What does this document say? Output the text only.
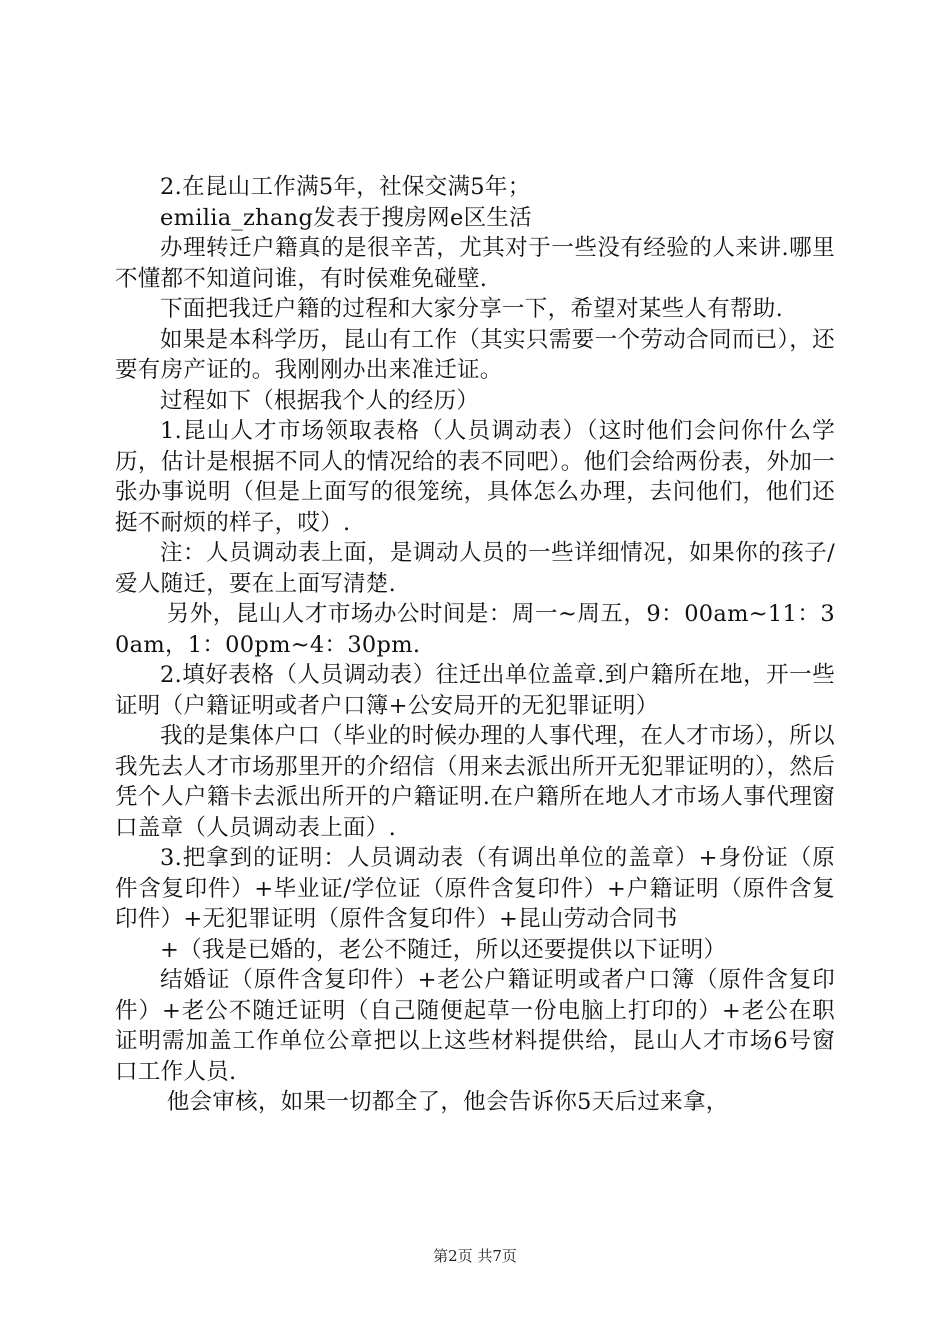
2.在昆山工作满5年，社保交满5年；

emilia_zhang发表于搜房网e区生活

办理转迁户籍真的是很辛苦，尤其对于一些没有经验的人来讲.哪里不懂都不知道问谁，有时侯难免碰壁.

下面把我迁户籍的过程和大家分享一下，希望对某些人有帮助.

如果是本科学历，昆山有工作（其实只需要一个劳动合同而已），还要有房产证的。我刚刚办出来准迁证。

过程如下（根据我个人的经历）

1.昆山人才市场领取表格（人员调动表）（这时他们会问你什么学历，估计是根据不同人的情况给的表不同吧）。他们会给两份表，外加一张办事说明（但是上面写的很笼统，具体怎么办理，去问他们，他们还挺不耐烦的样子，哎）.

注：人员调动表上面，是调动人员的一些详细情况，如果你的孩子/爱人随迁，要在上面写清楚.

另外，昆山人才市场办公时间是：周一~周五，9：00am~11：30am，1：00pm~4：30pm.

2.填好表格（人员调动表）往迁出单位盖章.到户籍所在地，开一些证明（户籍证明或者户口簿+公安局开的无犯罪证明）

我的是集体户口（毕业的时候办理的人事代理，在人才市场），所以我先去人才市场那里开的介绍信（用来去派出所开无犯罪证明的），然后凭个人户籍卡去派出所开的户籍证明.在户籍所在地人才市场人事代理窗口盖章（人员调动表上面）.

3.把拿到的证明：人员调动表（有调出单位的盖章）+身份证（原件含复印件）+毕业证/学位证（原件含复印件）+户籍证明（原件含复印件）+无犯罪证明（原件含复印件）+昆山劳动合同书

+（我是已婚的，老公不随迁，所以还要提供以下证明）

结婚证（原件含复印件）+老公户籍证明或者户口簿（原件含复印件）+老公不随迁证明（自己随便起草一份电脑上打印的）+老公在职证明需加盖工作单位公章把以上这些材料提供给，昆山人才市场6号窗口工作人员.

他会审核，如果一切都全了，他会告诉你5天后过来拿，

第2页 共7页
